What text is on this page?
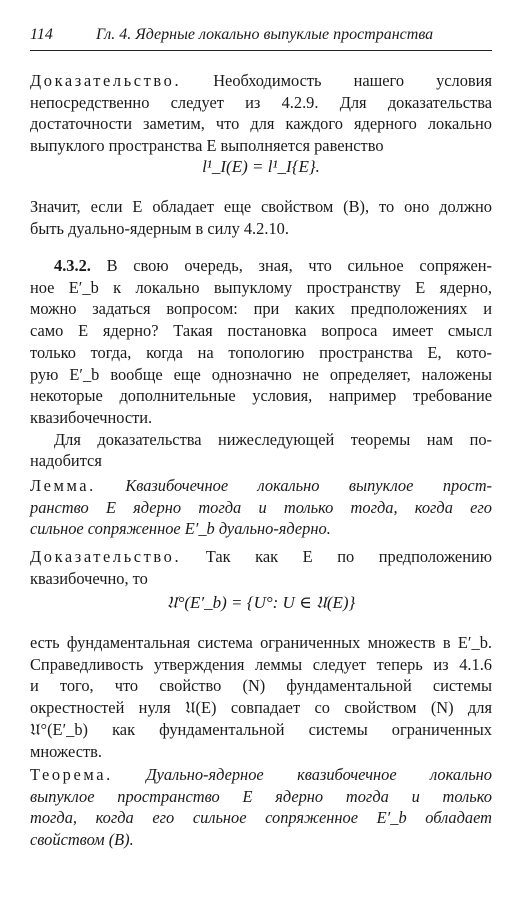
114	Гл. 4. Ядерные локально выпуклые пространства
Доказательство. Необходимость нашего условия
непосредственно следует из 4.2.9. Для доказательства
достаточности заметим, что для каждого ядерного локально
выпуклого пространства E выполняется равенство
l¹_I(E) = l¹_I{E}.
Значит, если E обладает еще свойством (B), то оно должно
быть дуально-ядерным в силу 4.2.10.
4.3.2. В свою очередь, зная, что сильное сопряжен-
ное E′_b к локально выпуклому пространству E ядерно,
можно задаться вопросом: при каких предположениях и
само E ядерно? Такая постановка вопроса имеет смысл
только тогда, когда на топологию пространства E, кото-
рую E′_b вообще еще однозначно не определяет, наложены
некоторые дополнительные условия, например требование
квазибочечности.
Для доказательства нижеследующей теоремы нам по-
надобится
Лемма. Квазибочечное локально выпуклое прост-
ранство E ядерно тогда и только тогда, когда его
сильное сопряженное E′_b дуально-ядерно.
Доказательство. Так как E по предположению
квазибочечно, то
𝔘°(E′_b) = {U°: U ∈ 𝔘(E)}
есть фундаментальная система ограниченных множеств в E′_b.
Справедливость утверждения леммы следует теперь из 4.1.6
и того, что свойство (N) фундаментальной системы
окрестностей нуля 𝔘(E) совпадает со свойством (N) для
𝔘°(E′_b) как фундаментальной системы ограниченных
множеств.
Теорема. Дуально-ядерное квазибочечное локально
выпуклое пространство E ядерно тогда и только
тогда, когда его сильное сопряженное E′_b обладает
свойством (B).
